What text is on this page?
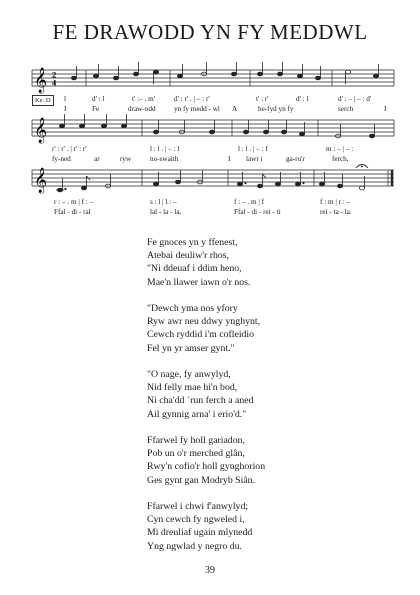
FE DRAWODD YN FY MEDDWL
𝄞 2
4
Ke. D

	l

	d' : l

	t' :– . m'

	d' : r' . | – : r'

	t' : r'

	d' : l

	d' : – | – : d'

I

	Fe

	draw-odd

	yn fy medd - wl

A

	he-fyd yn fy

	serch

	I

𝄞

r' : r' . | r' : r'

	l : l . | – : l

	l : l . | – : f

	m : – | – :

fy-ned

	ar

	ryw

	no-swaith

	I

lawr i

	ga-ru'r

	ferch,

𝄞

r : – . m | f : –

	s : l | l : –

	f : – . m | f

	f : m | r : –

Ffal - di - ral

	lal - la - la,

	Ffal - di - rei - ti

	rei - ta - la.

Fe gnoces yn y ffenest,
Atebai deuliw'r rhos,
"Ni ddeuaf i ddim heno,
Mae'n llawer iawn o'r nos.
"Dewch yma nos yfory
Ryw awr neu ddwy ynghynt,
Cewch ryddid i'm cofleidio
Fel yn yr amser gynt."
"O nage, fy anwylyd,
Nid felly mae hi'n bod,
Ni cha'dd ´run ferch a aned
Ail gynnig arna' i erio'd."
Ffarwel fy holl gariadon,
Pob un o'r merched glân,
Rwy'n cofio'r holl gynghorion
Ges gynt gan Modryb Siân.
Ffarwel i chwi f'anwylyd;
Cyn cewch fy ngweled i,
Mi dreuliaf ugain mlynedd
Yng ngwlad y negro du.
39
